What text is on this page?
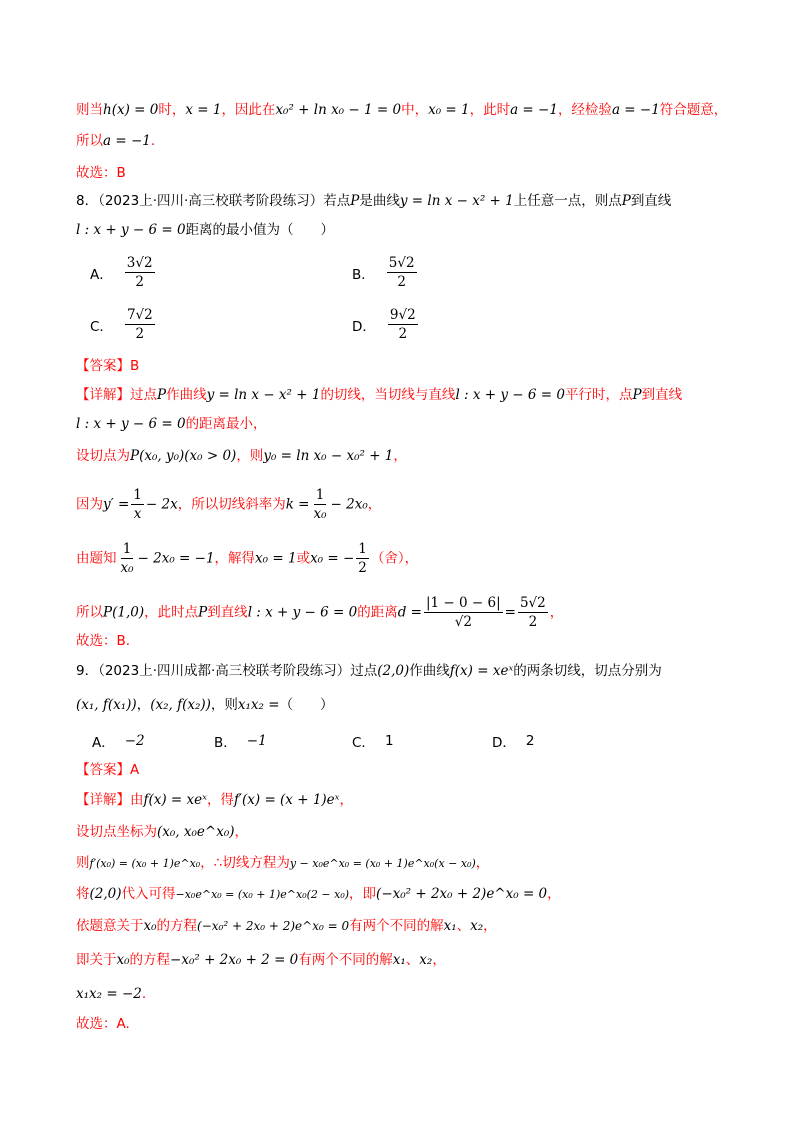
则当h(x) = 0时，x = 1，因此在x₀² + ln x₀ − 1 = 0中，x₀ = 1，此时a = −1，经检验a = −1符合题意，
所以a = −1.
故选：B
8．（2023上·四川·高三校联考阶段练习）若点P是曲线y = ln x − x² + 1上任意一点，则点P到直线
l : x + y − 6 = 0距离的最小值为（　　）
A． $\frac{3√2}{2}$	B． $\frac{5√2}{2}$
C． $\frac{7√2}{2}$	D． $\frac{9√2}{2}$
【答案】B
【详解】过点P作曲线y = ln x − x² + 1的切线，当切线与直线l : x + y − 6 = 0平行时，点P到直线
l : x + y − 6 = 0的距离最小，
设切点为P(x₀, y₀)(x₀ > 0)，则y₀ = ln x₀ − x₀² + 1，
因为$y' = \frac{1}{x} - 2x$，所以切线斜率为$k = \frac{1}{\text{x₀}} - 2x_0$，
由题知 $\frac{1}{\text{x₀}} - 2x_0 = -1$，解得x₀ = 1或x₀ = − $\frac{1}{2}$ （舍），
所以P(1,0)，此时点P到直线l : x + y − 6 = 0的距离$d = \frac{|1 - 0 - 6|}{√2} = \frac{5√2}{2}$ ，
故选：B.
9．（2023上·四川成都·高三校联考阶段练习）过点(2,0)作曲线f(x) = xeˣ的两条切线，切点分别为
(x₁, f(x₁))，(x₂, f(x₂))，则x₁x₂ =（　　）
A． −2	B． −1	C． 1	D． 2
【答案】A
【详解】由f(x) = xeˣ，得f′(x) = (x + 1)eˣ，
设切点坐标为(x₀, x₀e^x₀)，
则f′(x₀) = (x₀ + 1)e^x₀，∴切线方程为y − x₀e^x₀ = (x₀ + 1)e^x₀(x − x₀)，
将(2,0)代入可得−x₀e^x₀ = (x₀ + 1)e^x₀(2 − x₀)，即(−x₀² + 2x₀ + 2)e^x₀ = 0，
依题意关于x₀的方程(−x₀² + 2x₀ + 2)e^x₀ = 0有两个不同的解x₁、x₂，
即关于x₀的方程−x₀² + 2x₀ + 2 = 0有两个不同的解x₁、x₂，
x₁x₂ = −2.
故选：A.
